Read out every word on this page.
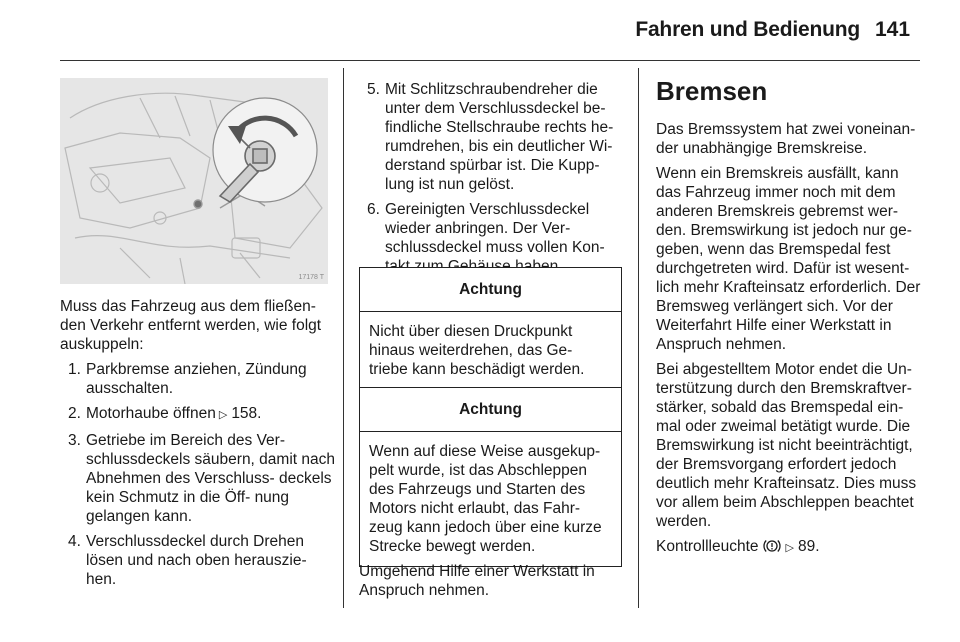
Fahren und Bedienung 141
17178 T

Muss das Fahrzeug aus dem fließen- den Verkehr entfernt werden, wie folgt auskuppeln:

1. Parkbremse anziehen, Zündung ausschalten.
2. Motorhaube öffnen ▷ 158.
3. Getriebe im Bereich des Ver- schlussdeckels säubern, damit nach Abnehmen des Verschluss- deckels kein Schmutz in die Öff- nung gelangen kann.
4. Verschlussdeckel durch Drehen lösen und nach oben herauszie- hen.
5. Mit Schlitzschraubendreher die unter dem Verschlussdeckel be- findliche Stellschraube rechts he- rumdrehen, bis ein deutlicher Wi- derstand spürbar ist. Die Kupp- lung ist nun gelöst.
6. Gereinigten Verschlussdeckel wieder anbringen. Der Ver- schlussdeckel muss vollen Kon-
Achtung
Nicht über diesen Druckpunkt hinaus weiterdrehen, das Ge- triebe kann beschädigt werden.
Achtung
Wenn auf diese Weise ausgekup- pelt wurde, ist das Abschleppen des Fahrzeugs und Starten des Motors nicht erlaubt, das Fahr- zeug kann jedoch über eine kurze Strecke bewegt werden.

Umgehend Hilfe einer Werkstatt in Anspruch nehmen.

Bremsen

Das Bremssystem hat zwei voneinan- der unabhängige Bremskreise.

Wenn ein Bremskreis ausfällt, kann das Fahrzeug immer noch mit dem anderen Bremskreis gebremst wer- den. Bremswirkung ist jedoch nur ge- geben, wenn das Bremspedal fest durchgetreten wird. Dafür ist wesent- lich mehr Krafteinsatz erforderlich. Der Bremsweg verlängert sich. Vor der Weiterfahrt Hilfe einer Werkstatt in Anspruch nehmen.

Bei abgestelltem Motor endet die Un- terstützung durch den Bremskraftver- stärker, sobald das Bremspedal ein- mal oder zweimal betätigt wurde. Die Bremswirkung ist nicht beeinträchtigt, der Bremsvorgang erfordert jedoch deutlich mehr Krafteinsatz. Dies muss vor allem beim Abschleppen beachtet werden.

Kontrollleuchte ▷ 89.
